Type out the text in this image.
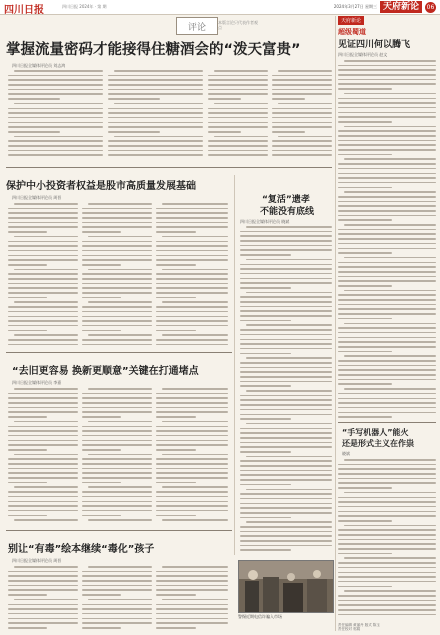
四川日报	四川日报 2024年 · 第 期	2024年3月27日 星期三 天府新论	06
评论	本版言论只代表作者观点
掌握流量密码才能接得住糖酒会的“泼天富贵”
四川日报全媒体评论员 刘志鸿
保护中小投资者权益是股市高质量发展基础
四川日报全媒体评论员 周晋	“复活”遗孝
不能没有底线
四川日报全媒体评论员 晓斌
“去旧更容易 换新更顺意”关键在打通堵点
四川日报全媒体评论员 李嘉
别让“有毒”绘本继续“毒化”孩子
四川日报全媒体评论员 周晋
警惕近期电信诈骗入市场
天府新论
超级蜀道
见证四川何以腾飞
四川日报全媒体评论员 赵文
“手写机器人”能火
还是形式主义在作祟
晓斌
责任编辑 黄丽丹 版式 陈玉
责任校对 郭娟
